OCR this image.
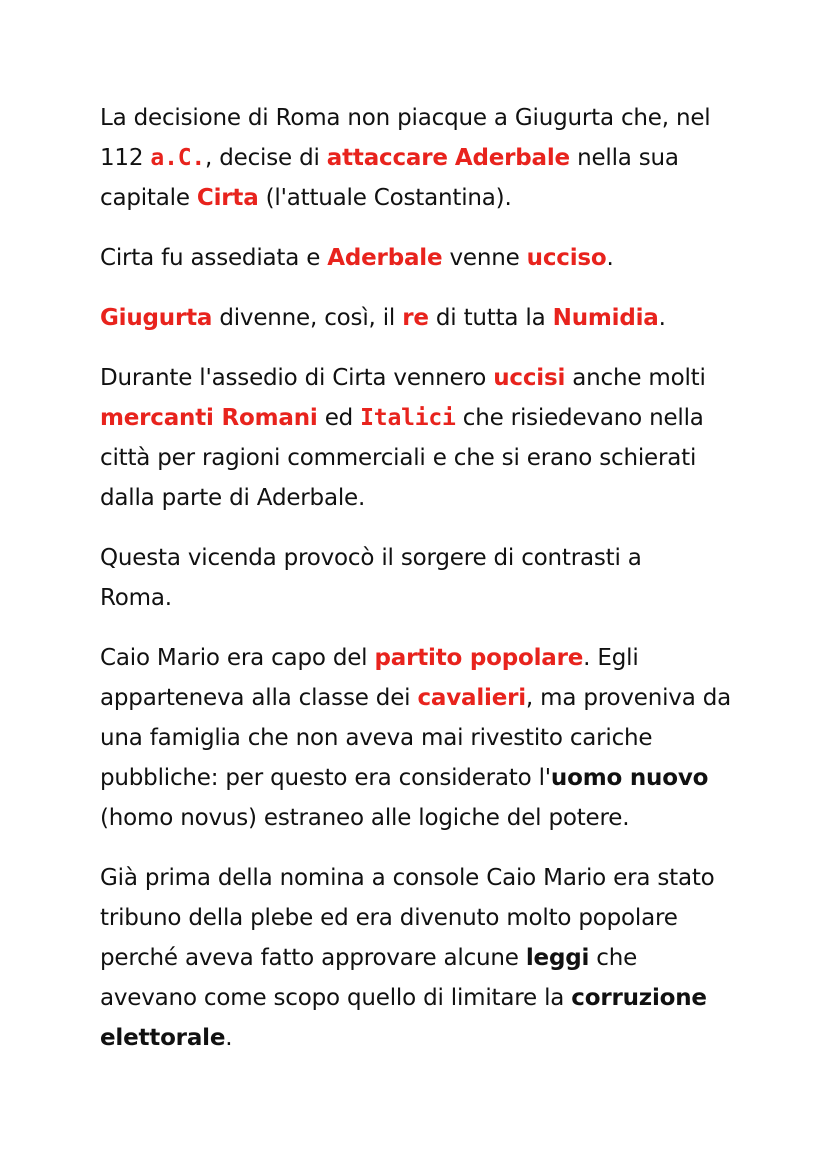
La decisione di Roma non piacque a Giugurta che, nel
112 a.C., decise di attaccare Aderbale nella sua
capitale Cirta (l'attuale Costantina).

Cirta fu assediata e Aderbale venne ucciso.

Giugurta divenne, così, il re di tutta la Numidia.

Durante l'assedio di Cirta vennero uccisi anche molti
mercanti Romani ed Italici che risiedevano nella
città per ragioni commerciali e che si erano schierati
dalla parte di Aderbale.

Questa vicenda provocò il sorgere di contrasti a
Roma.

Caio Mario era capo del partito popolare. Egli
apparteneva alla classe dei cavalieri, ma proveniva da
una famiglia che non aveva mai rivestito cariche
pubbliche: per questo era considerato l'uomo nuovo
(homo novus) estraneo alle logiche del potere.

Già prima della nomina a console Caio Mario era stato
tribuno della plebe ed era divenuto molto popolare
perché aveva fatto approvare alcune leggi che
avevano come scopo quello di limitare la corruzione
elettorale.
